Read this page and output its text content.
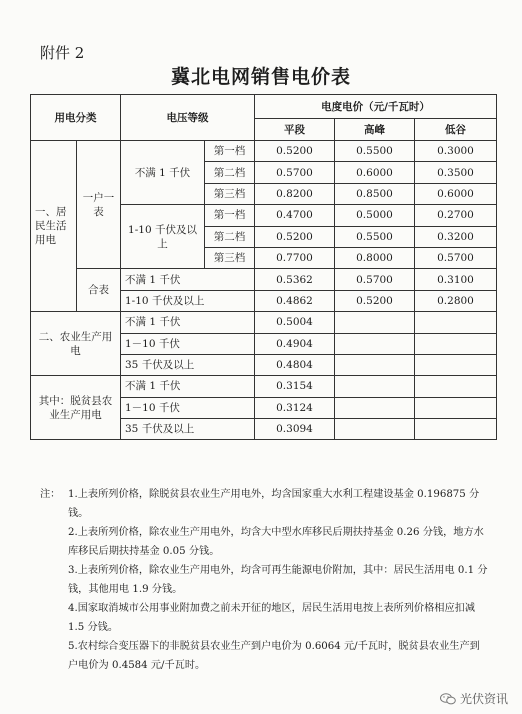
附件 2
冀北电网销售电价表
用电分类		电压等级		电度电价（元/千瓦时）		
				平段	高峰	低谷
一、居民生活用电	一户一表	不满 1 千伏	第一档	0.5200	0.5500	0.3000
			第二档	0.5700	0.6000	0.3500
			第三档	0.8200	0.8500	0.6000
		1-10 千伏及以上	第一档	0.4700	0.5000	0.2700
			第二档	0.5200	0.5500	0.3200
			第三档	0.7700	0.8000	0.5700
	合表	不满 1 千伏		0.5362	0.5700	0.3100
		1-10 千伏及以上		0.4862	0.5200	0.2800
二、农业生产用电		不满 1 千伏		0.5004		
		1－10 千伏		0.4904		
		35 千伏及以上		0.4804		
其中：脱贫县农业生产用电		不满 1 千伏		0.3154		
		1－10 千伏		0.3124		
		35 千伏及以上		0.3094		
注： 1.上表所列价格，除脱贫县农业生产用电外，均含国家重大水利工程建设基金 0.196875 分钱。
2.上表所列价格，除农业生产用电外，均含大中型水库移民后期扶持基金 0.26 分钱，地方水库移民后期扶持基金 0.05 分钱。
3.上表所列价格，除农业生产用电外，均含可再生能源电价附加，其中：居民生活用电 0.1 分钱，其他用电 1.9 分钱。
4.国家取消城市公用事业附加费之前未开征的地区，居民生活用电按上表所列价格相应扣减 1.5 分钱。
5.农村综合变压器下的非脱贫县农业生产到户电价为 0.6064 元/千瓦时，脱贫县农业生产到户电价为 0.4584 元/千瓦时。
光伏资讯
